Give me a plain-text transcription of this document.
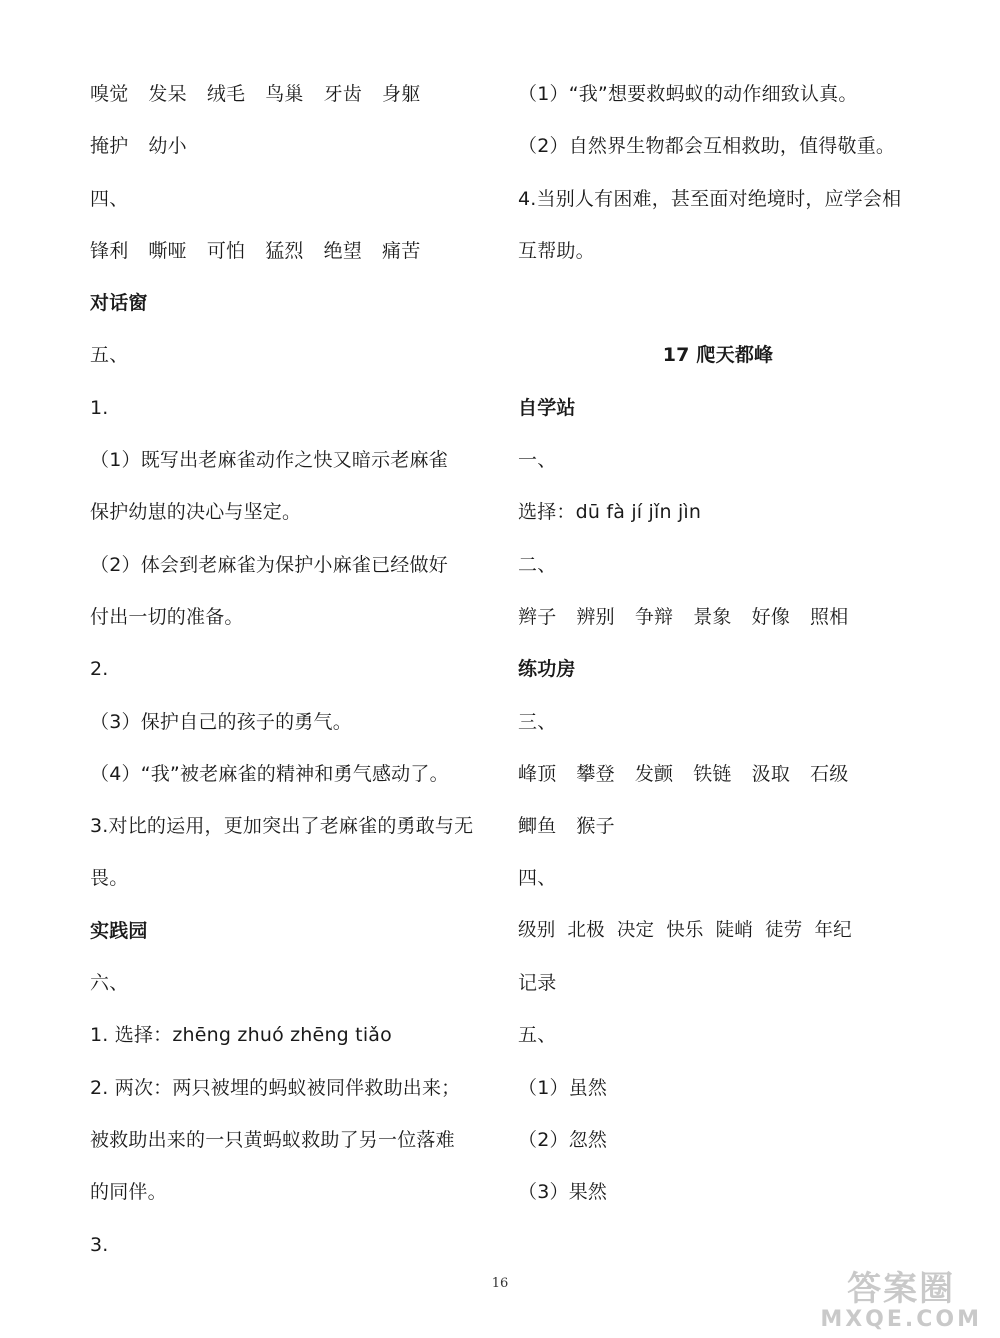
嗅觉 发呆 绒毛 鸟巢 牙齿 身躯
掩护 幼小
四、
锋利 嘶哑 可怕 猛烈 绝望 痛苦
对话窗
五、
1.
（1）既写出老麻雀动作之快又暗示老麻雀
保护幼崽的决心与坚定。
（2）体会到老麻雀为保护小麻雀已经做好
付出一切的准备。
2.
（3）保护自己的孩子的勇气。
（4）“我”被老麻雀的精神和勇气感动了。
3.对比的运用，更加突出了老麻雀的勇敢与无
畏。
实践园
六、
1. 选择：zhēng zhuó zhēng tiǎo
2. 两次：两只被埋的蚂蚁被同伴救助出来；
被救助出来的一只黄蚂蚁救助了另一位落难
的同伴。
3.
（1）“我”想要救蚂蚁的动作细致认真。
（2）自然界生物都会互相救助，值得敬重。
4.当别人有困难，甚至面对绝境时，应学会相
互帮助。
17 爬天都峰
自学站
一、
选择：dū fà jí jǐn jìn
二、
辫子 辨别 争辩 景象 好像 照相
练功房
三、
峰顶 攀登 发颤 铁链 汲取 石级
鲫鱼 猴子
四、
级别 北极 决定 快乐 陡峭 徒劳 年纪
记录
五、
（1）虽然
（2）忽然
（3）果然
16	答案圈
MXQE.COM
